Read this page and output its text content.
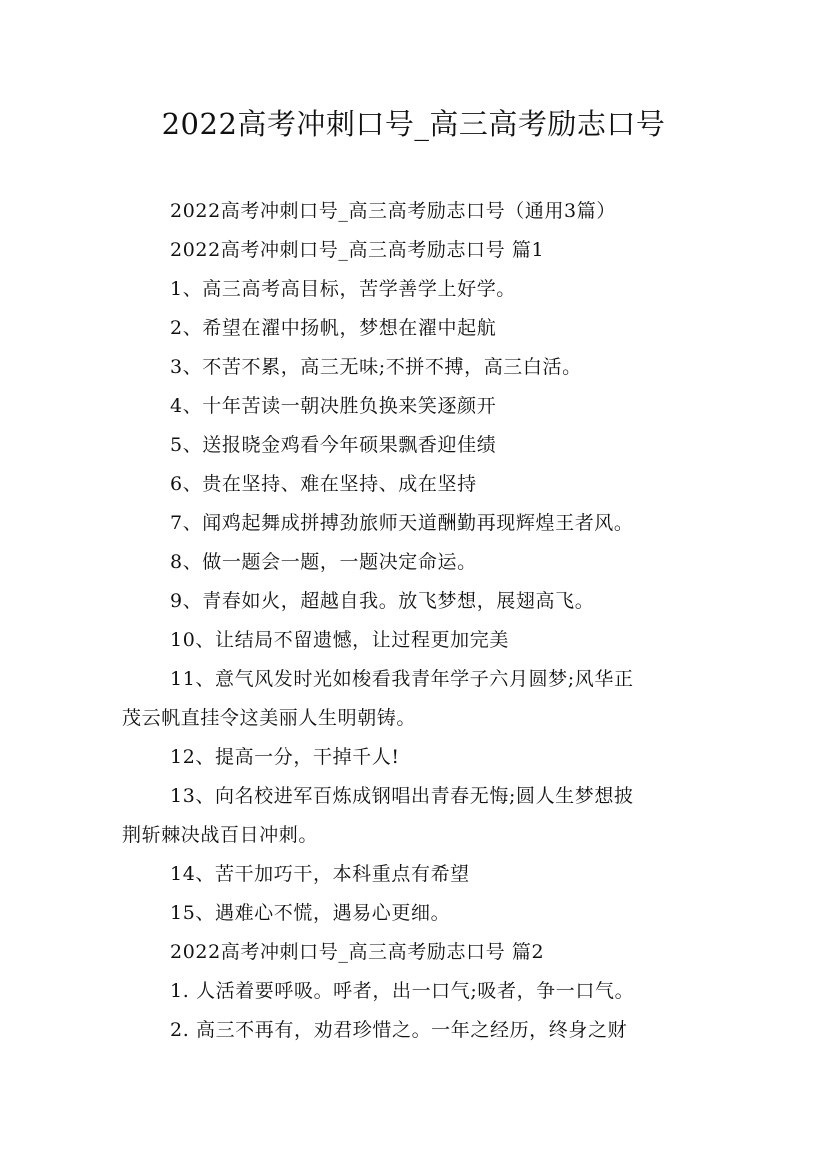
2022高考冲刺口号_高三高考励志口号
2022高考冲刺口号_高三高考励志口号（通用3篇）
2022高考冲刺口号_高三高考励志口号 篇1
1、高三高考高目标，苦学善学上好学。
2、希望在濯中扬帆，梦想在濯中起航
3、不苦不累，高三无味;不拼不搏，高三白活。
4、十年苦读一朝决胜负换来笑逐颜开
5、送报晓金鸡看今年硕果飘香迎佳绩
6、贵在坚持、难在坚持、成在坚持
7、闻鸡起舞成拼搏劲旅师天道酬勤再现辉煌王者风。
8、做一题会一题，一题决定命运。
9、青春如火，超越自我。放飞梦想，展翅高飞。
10、让结局不留遗憾，让过程更加完美
11、意气风发时光如梭看我青年学子六月圆梦;风华正
茂云帆直挂令这美丽人生明朝铸。
12、提高一分，干掉千人!
13、向名校进军百炼成钢唱出青春无悔;圆人生梦想披
荆斩棘决战百日冲刺。
14、苦干加巧干，本科重点有希望
15、遇难心不慌，遇易心更细。
2022高考冲刺口号_高三高考励志口号 篇2
1. 人活着要呼吸。呼者，出一口气;吸者，争一口气。
2. 高三不再有，劝君珍惜之。一年之经历，终身之财
